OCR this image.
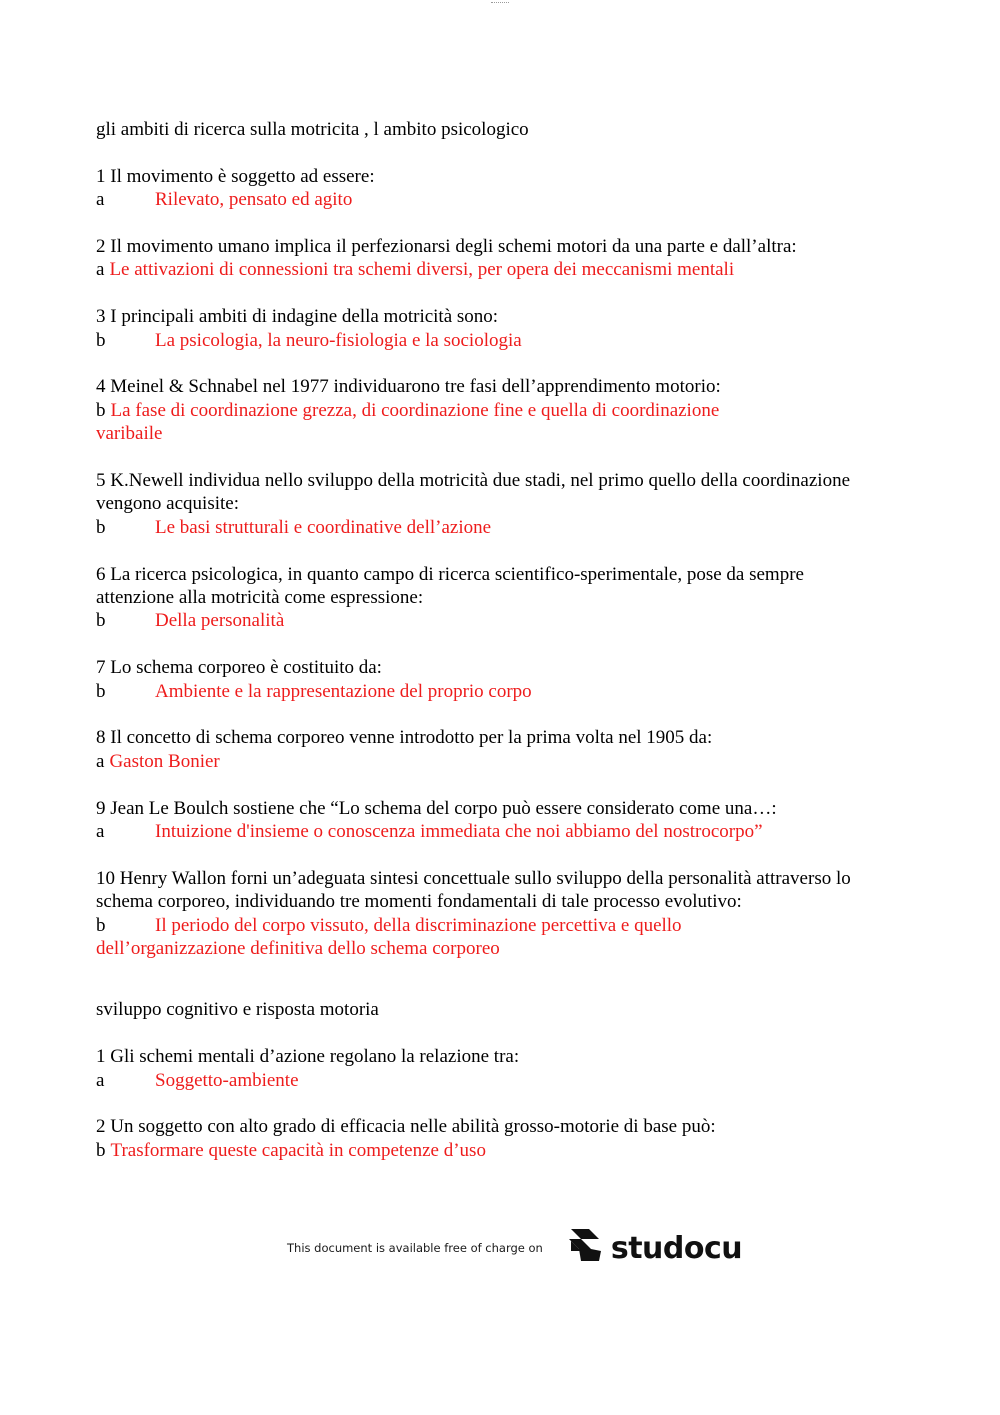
gli ambiti di ricerca sulla motricita , l ambito psicologico
1 Il movimento è soggetto ad essere:
a	Rilevato, pensato ed agito
2 Il movimento umano implica il perfezionarsi degli schemi motori da una parte e dall’altra:
a Le attivazioni di connessioni tra schemi diversi, per opera dei meccanismi mentali
3 I principali ambiti di indagine della motricità sono:
b	La psicologia, la neuro-fisiologia e la sociologia
4 Meinel & Schnabel nel 1977 individuarono tre fasi dell’apprendimento motorio:
b La fase di coordinazione grezza, di coordinazione fine e quella di coordinazione varibaile
5 K.Newell individua nello sviluppo della motricità due stadi, nel primo quello della coordinazione vengono acquisite:
b	Le basi strutturali e coordinative dell’azione
6 La ricerca psicologica, in quanto campo di ricerca scientifico-sperimentale, pose da sempre attenzione alla motricità come espressione:
b	Della personalità
7 Lo schema corporeo è costituito da:
b	Ambiente e la rappresentazione del proprio corpo
8 Il concetto di schema corporeo venne introdotto per la prima volta nel 1905 da:
a Gaston Bonier
9 Jean Le Boulch sostiene che “Lo schema del corpo può essere considerato come una…:
a	Intuizione d'insieme o conoscenza immediata che noi abbiamo del nostrocorpo”
10 Henry Wallon forni un’adeguata sintesi concettuale sullo sviluppo della personalità attraverso lo schema corporeo, individuando tre momenti fondamentali di tale processo evolutivo:
b	Il periodo del corpo vissuto, della discriminazione percettiva e quello
dell’organizzazione definitiva dello schema corporeo
sviluppo cognitivo e risposta motoria
1 Gli schemi mentali d’azione regolano la relazione tra:
a	Soggetto-ambiente
2 Un soggetto con alto grado di efficacia nelle abilità grosso-motorie di base può:
b Trasformare queste capacità in competenze d’uso
This document is available free of charge on studocu
